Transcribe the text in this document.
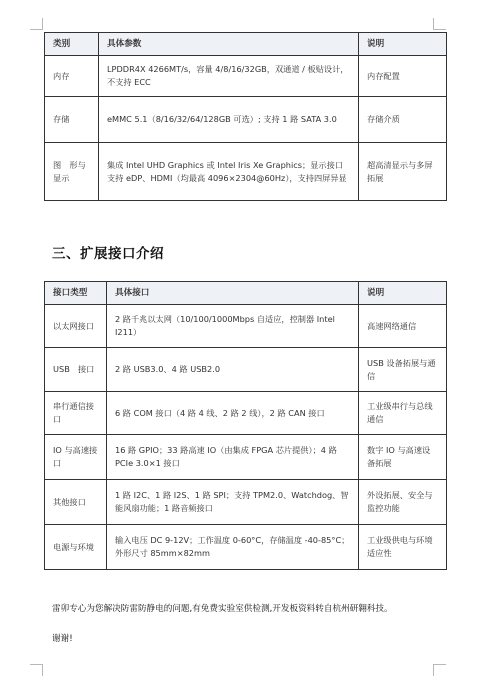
类别	具体参数	说明
内存	LPDDR4X 4266MT/s，容量 4/8/16/32GB，双通道 / 板贴设计，不支持 ECC	内存配置
存储	eMMC 5.1（8/16/32/64/128GB 可选）; 支持 1 路 SATA 3.0	存储介质
图　形与　显示	集成 Intel UHD Graphics 或 Intel Iris Xe Graphics；显示接口支持 eDP、HDMI（均最高 4096×2304@60Hz），支持四屏异显	超高清显示与多屏拓展
三、扩展接口介绍
接口类型	具体接口	说明
以太网接口	2 路千兆以太网（10/100/1000Mbps 自适应，控制器 Intel I211）	高速网络通信
USB　接口	2 路 USB3.0、4 路 USB2.0	USB 设备拓展与通信
串行通信接口	6 路 COM 接口（4 路 4 线、2 路 2 线），2 路 CAN 接口	工业级串行与总线通信
IO 与高速接口	16 路 GPIO；33 路高速 IO（由集成 FPGA 芯片提供）；4 路 PCIe 3.0×1 接口	数字 IO 与高速设备拓展
其他接口	1 路 I2C、1 路 I2S、1 路 SPI；支持 TPM2.0、Watchdog、智能风扇功能；1 路音频接口	外设拓展、安全与监控功能
电源与环境	输入电压 DC 9-12V；工作温度 0-60°C，存储温度 -40-85°C；外形尺寸 85mm×82mm	工业级供电与环境适应性
雷卯专心为您解决防雷防静电的问题,有免费实验室供检测,开发板资料转自杭州研翱科技。
谢谢!
